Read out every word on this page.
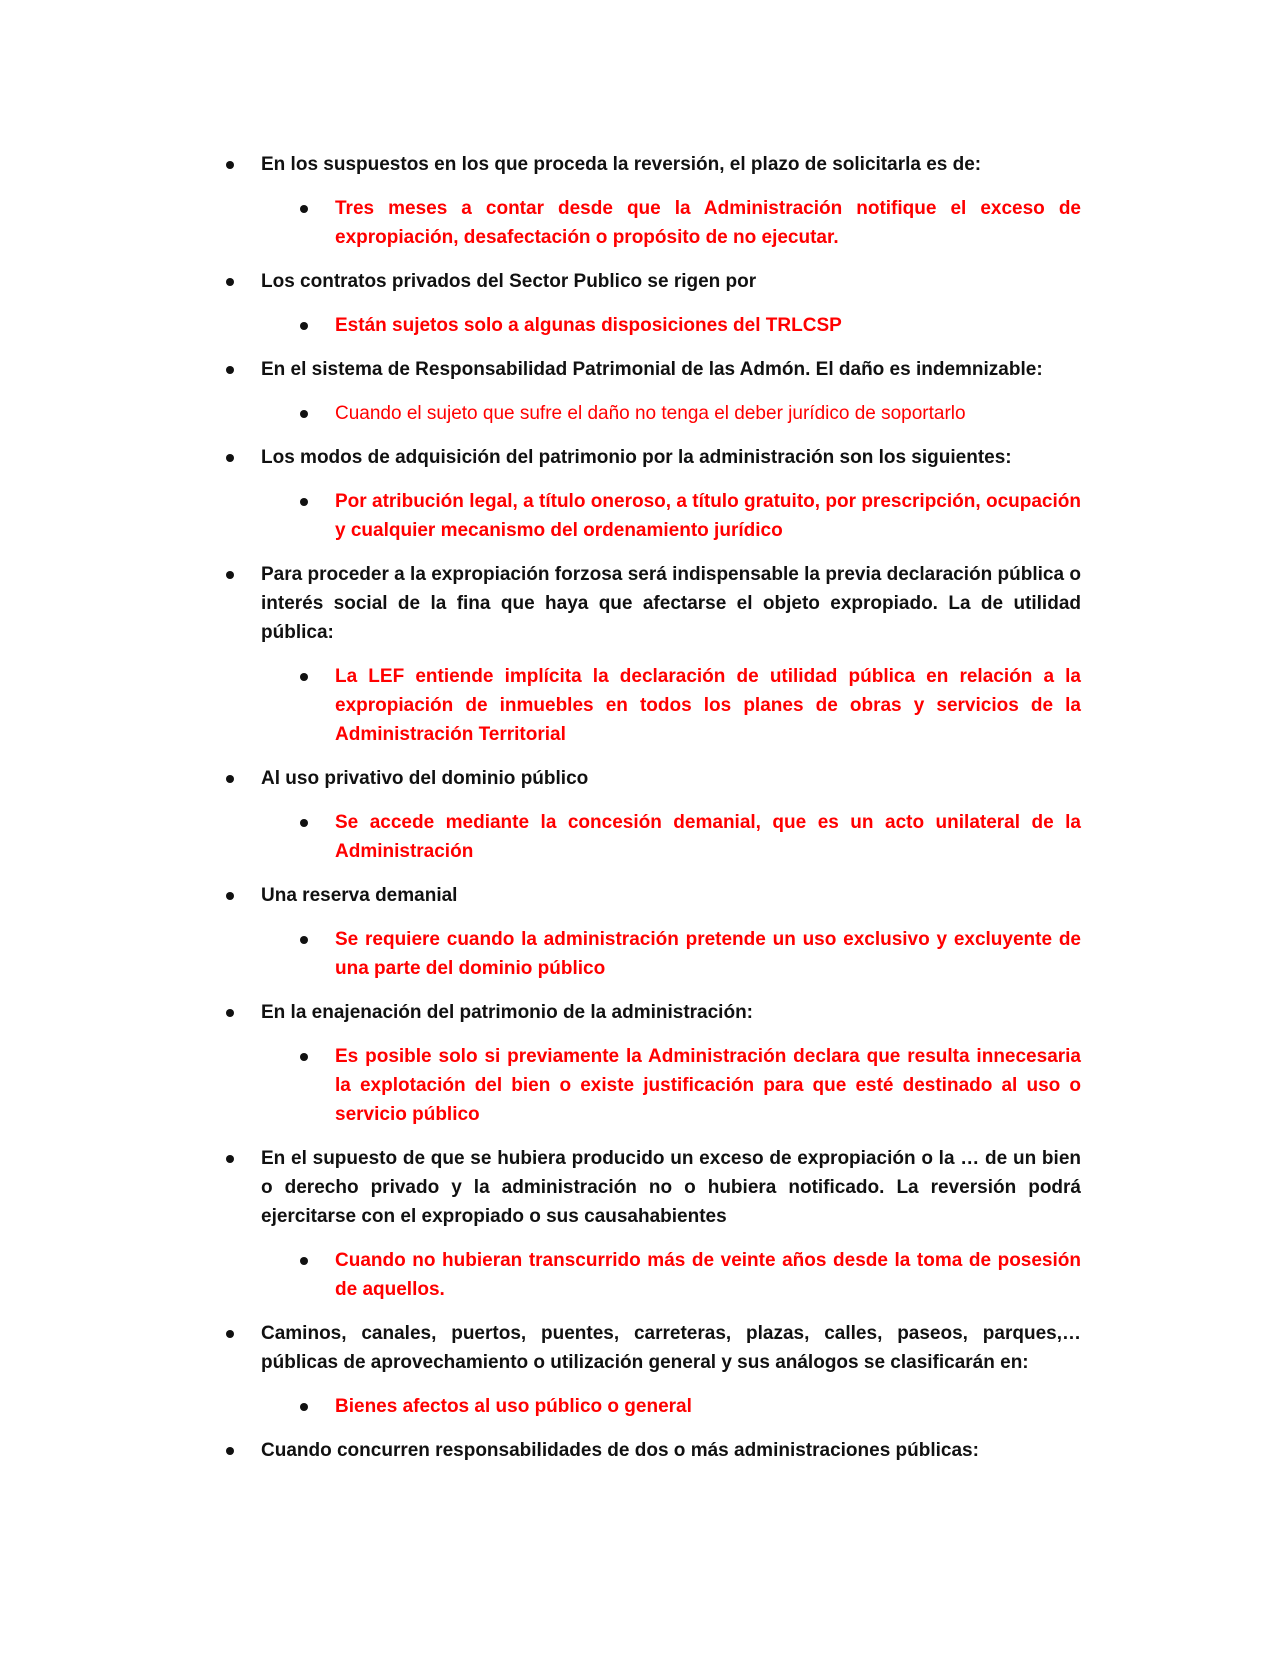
En los suspuestos en los que proceda la reversión, el plazo de solicitarla es de:
Tres meses a contar desde que la Administración notifique el exceso de expropiación, desafectación o propósito de no ejecutar.
Los contratos privados del Sector Publico se rigen por
Están sujetos solo a algunas disposiciones del TRLCSP
En el sistema de Responsabilidad Patrimonial de las Admón. El daño es indemnizable:
Cuando el sujeto que sufre el daño no tenga el deber jurídico de soportarlo
Los modos de adquisición del patrimonio por la administración son los siguientes:
Por atribución legal, a título oneroso, a título gratuito, por prescripción, ocupación y cualquier mecanismo del ordenamiento jurídico
Para proceder a la expropiación forzosa será indispensable la previa declaración pública o interés social de la fina que haya que afectarse el objeto expropiado. La de utilidad pública:
La LEF entiende implícita la declaración de utilidad pública en relación a la expropiación de inmuebles en todos los planes de obras y servicios de la Administración Territorial
Al uso privativo del dominio público
Se accede mediante la concesión demanial, que es un acto unilateral de la Administración
Una reserva demanial
Se requiere cuando la administración pretende un uso exclusivo y excluyente de una parte del dominio público
En la enajenación del patrimonio de la administración:
Es posible solo si previamente la Administración declara que resulta innecesaria la explotación del bien o existe justificación para que esté destinado al uso o servicio público
En el supuesto de que se hubiera producido un exceso de expropiación o la … de un bien o derecho privado y la administración no o hubiera notificado. La reversión podrá ejercitarse con el expropiado o sus causahabientes
Cuando no hubieran transcurrido más de veinte años desde la toma de posesión de aquellos.
Caminos, canales, puertos, puentes, carreteras, plazas, calles, paseos, parques,… públicas de aprovechamiento o utilización general y sus análogos se clasificarán en:
Bienes afectos al uso público o general
Cuando concurren responsabilidades de dos o más administraciones públicas:
